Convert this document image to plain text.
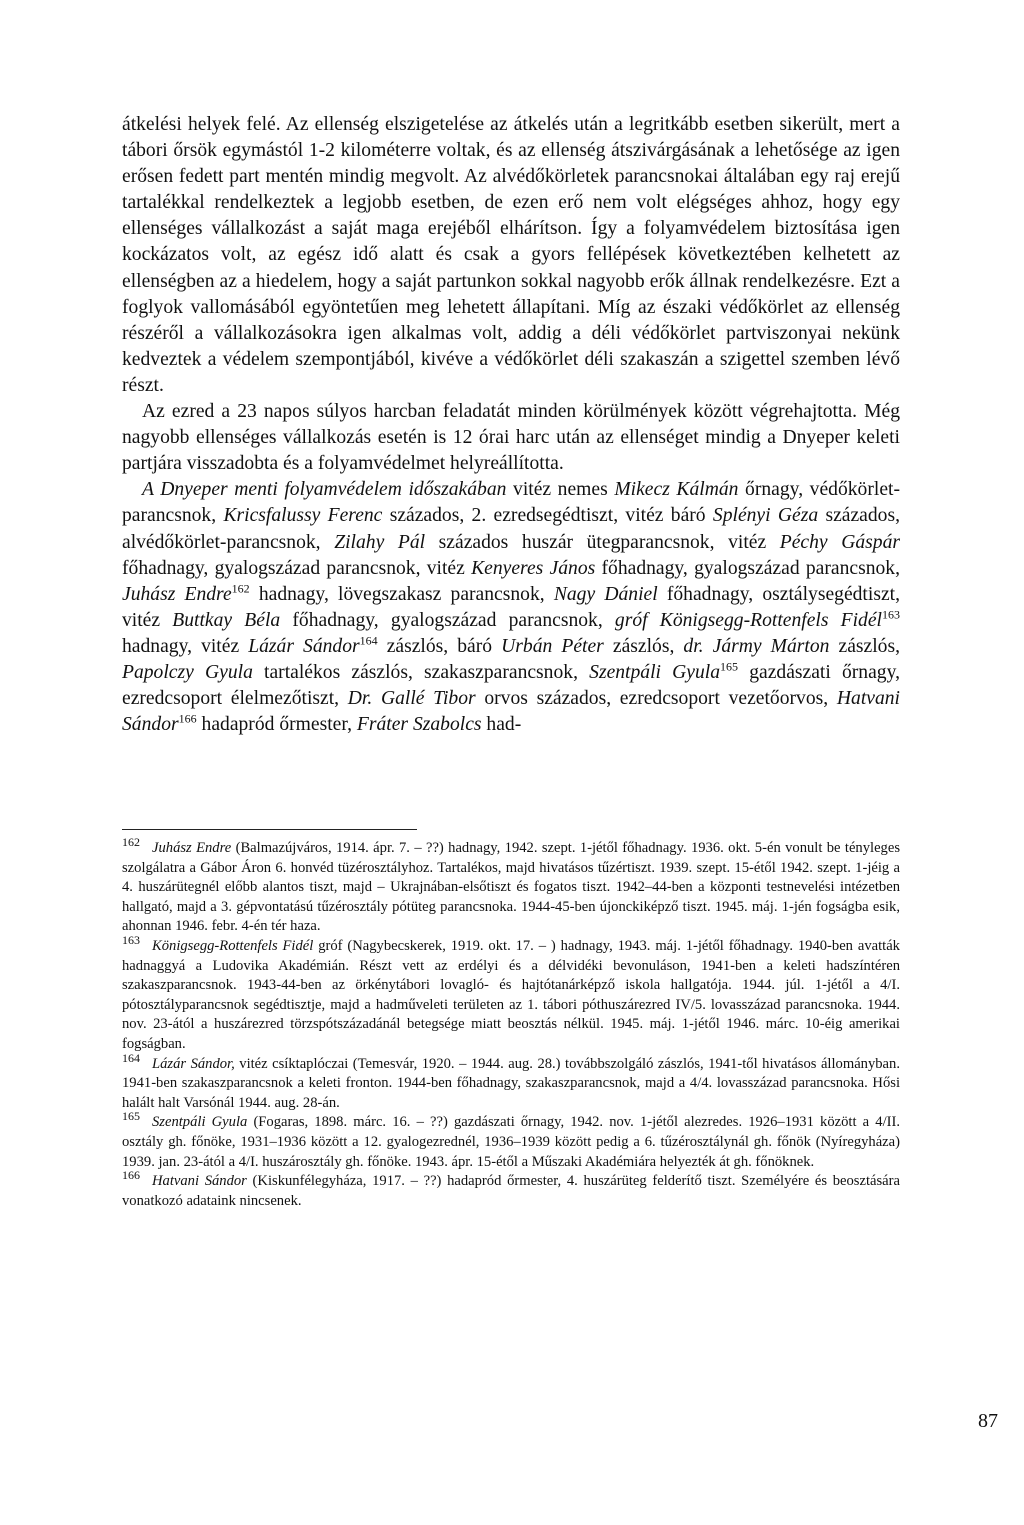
átkelési helyek felé. Az ellenség elszigetelése az átkelés után a legritkább esetben sikerült, mert a tábori őrsök egymástól 1-2 kilométerre voltak, és az ellenség átszivárgásának a lehetősége az igen erősen fedett part mentén mindig megvolt. Az alvédőkörletek parancsnokai általában egy raj erejű tartalékkal rendelkeztek a legjobb esetben, de ezen erő nem volt elégséges ahhoz, hogy egy ellenséges vállalkozást a saját maga erejéből elhárítson. Így a folyamvédelem biztosítása igen kockázatos volt, az egész idő alatt és csak a gyors fellépések következtében kelhetett az ellenségben az a hiedelem, hogy a saját partunkon sokkal nagyobb erők állnak rendelkezésre. Ezt a foglyok vallomásából egyöntetűen meg lehetett állapítani. Míg az északi védőkörlet az ellenség részéről a vállalkozásokra igen alkalmas volt, addig a déli védőkörlet partviszonyai nekünk kedveztek a védelem szempontjából, kivéve a védőkörlet déli szakaszán a szigettel szemben lévő részt.

Az ezred a 23 napos súlyos harcban feladatát minden körülmények között végrehajtotta. Még nagyobb ellenséges vállalkozás esetén is 12 órai harc után az ellenséget mindig a Dnyeper keleti partjára visszadobta és a folyamvédelmet helyreállította.

A Dnyeper menti folyamvédelem időszakában vitéz nemes Mikecz Kálmán őrnagy, védőkörlet-parancsnok, Kricsfalussy Ferenc százados, 2. ezredsegédtiszt, vitéz báró Splényi Géza százados, alvédőkörlet-parancsnok, Zilahy Pál százados huszár ütegparancsnok, vitéz Péchy Gáspár főhadnagy, gyalogszázad parancsnok, vitéz Kenyeres János főhadnagy, gyalogszázad parancsnok, Juhász Endre$^{162}$ hadnagy, lövegszakasz parancsnok, Nagy Dániel főhadnagy, osztálysegédtiszt, vitéz Buttkay Béla főhadnagy, gyalogszázad parancsnok, gróf Königsegg-Rottenfels Fidél$^{163}$ hadnagy, vitéz Lázár Sándor$^{164}$ zászlós, báró Urbán Péter zászlós, dr. Jármy Márton zászlós, Papolczy Gyula tartalékos zászlós, szakaszparancsnok, Szentpáli Gyula$^{165}$ gazdászati őrnagy, ezredcsoport élelmezőtiszt, Dr. Gallé Tibor orvos százados, ezredcsoport vezetőorvos, Hatvani Sándor$^{166}$ hadapród őrmester, Fráter Szabolcs had-

$^{162}$ Juhász Endre (Balmazújváros, 1914. ápr. 7. – ??) hadnagy, 1942. szept. 1-jétől főhadnagy. 1936. okt. 5-én vonult be tényleges szolgálatra a Gábor Áron 6. honvéd tüzérosztályhoz. Tartalékos, majd hivatásos tűzértiszt. 1939. szept. 15-étől 1942. szept. 1-jéig a 4. huszárütegnél előbb alantos tiszt, majd – Ukrajnában-elsőtiszt és fogatos tiszt. 1942–44-ben a központi testnevelési intézetben hallgató, majd a 3. gépvontatású tűzérosztály pótüteg parancsnoka. 1944-45-ben újonckiképző tiszt. 1945. máj. 1-jén fogságba esik, ahonnan 1946. febr. 4-én tér haza.

$^{163}$ Königsegg-Rottenfels Fidél gróf (Nagybecskerek, 1919. okt. 17. – ) hadnagy, 1943. máj. 1-jétől főhadnagy. 1940-ben avatták hadnaggyá a Ludovika Akadémián. Részt vett az erdélyi és a délvidéki bevonuláson, 1941-ben a keleti hadszíntéren szakaszparancsnok. 1943-44-ben az örkénytábori lovagló- és hajtótanárképző iskola hallgatója. 1944. júl. 1-jétől a 4/I. pótosztályparancsnok segédtisztje, majd a hadműveleti területen az 1. tábori póthuszárezred IV/5. lovasszázad parancsnoka. 1944. nov. 23-ától a huszárezred törzspótszázadánál betegsége miatt beosztás nélkül. 1945. máj. 1-jétől 1946. márc. 10-éig amerikai fogságban.

$^{164}$ Lázár Sándor, vitéz csíktaplóczai (Temesvár, 1920. – 1944. aug. 28.) továbbszolgáló zászlós, 1941-től hivatásos állományban. 1941-ben szakaszparancsnok a keleti fronton. 1944-ben főhadnagy, szakaszparancsnok, majd a 4/4. lovasszázad parancsnoka. Hősi halált halt Varsónál 1944. aug. 28-án.

$^{165}$ Szentpáli Gyula (Fogaras, 1898. márc. 16. – ??) gazdászati őrnagy, 1942. nov. 1-jétől alezredes. 1926–1931 között a 4/II. osztály gh. főnöke, 1931–1936 között a 12. gyalogezrednél, 1936–1939 között pedig a 6. tűzérosztálynál gh. főnök (Nyíregyháza) 1939. jan. 23-ától a 4/I. huszárosztály gh. főnöke. 1943. ápr. 15-étől a Műszaki Akadémiára helyezték át gh. főnöknek.

$^{166}$ Hatvani Sándor (Kiskunfélegyháza, 1917. – ??) hadapród őrmester, 4. huszárüteg felderítő tiszt. Személyére és beosztására vonatkozó adataink nincsenek.

87
